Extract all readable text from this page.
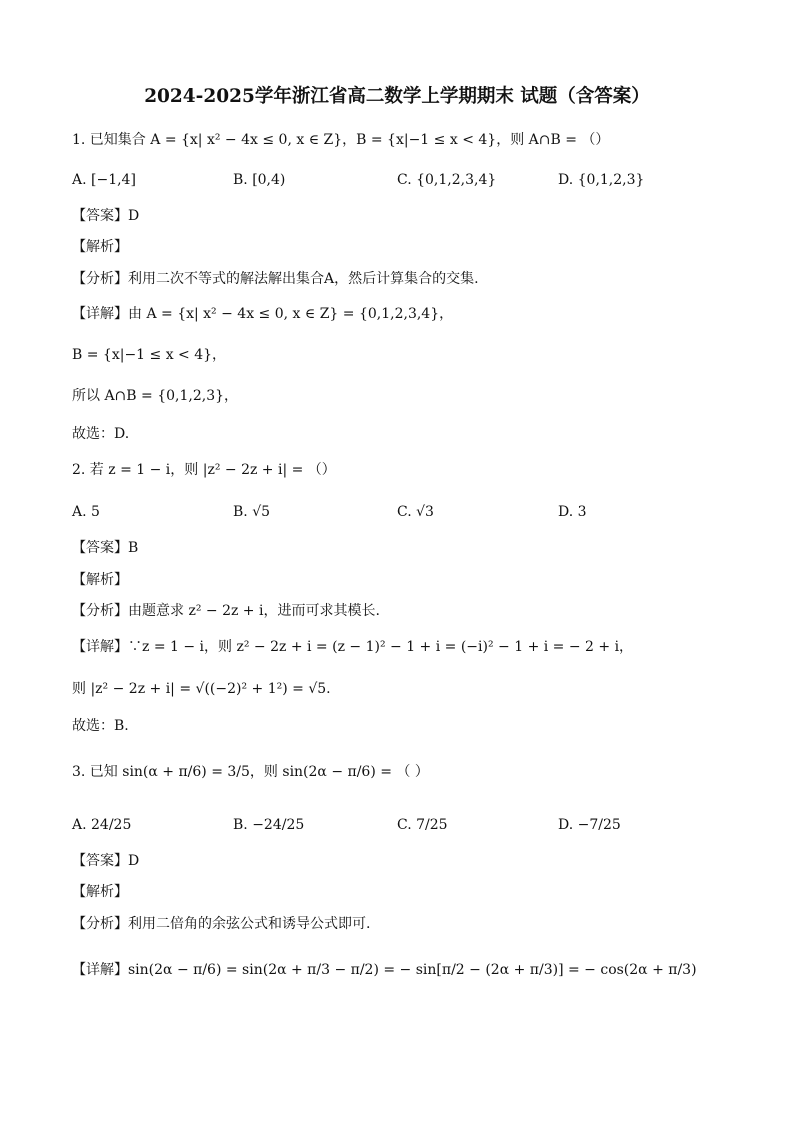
2024-2025学年浙江省高二数学上学期期末 试题（含答案）
1. 已知集合 A = {x| x² − 4x ≤ 0, x ∈ Z}，B = {x|−1 ≤ x < 4}，则 A∩B = （）
A. [−1,4]	B. [0,4)	C. {0,1,2,3,4}	D. {0,1,2,3}
【答案】D
【解析】
【分析】利用二次不等式的解法解出集合A，然后计算集合的交集.
【详解】由 A = {x| x² − 4x ≤ 0, x ∈ Z} = {0,1,2,3,4}，
B = {x|−1 ≤ x < 4}，
所以 A∩B = {0,1,2,3}，
故选：D.
2. 若 z = 1 − i，则 |z² − 2z + i| = （）
A. 5	B. √5	C. √3	D. 3
【答案】B
【解析】
【分析】由题意求 z² − 2z + i，进而可求其模长.
【详解】∵z = 1 − i，则 z² − 2z + i = (z − 1)² − 1 + i = (−i)² − 1 + i = − 2 + i，
则 |z² − 2z + i| = √((−2)² + 1²) = √5.
故选：B.
3. 已知 sin(α + π/6) = 3/5，则 sin(2α − π/6) = （ ）
A. 24/25	B. −24/25	C. 7/25	D. −7/25
【答案】D
【解析】
【分析】利用二倍角的余弦公式和诱导公式即可.
【详解】sin(2α − π/6) = sin(2α + π/3 − π/2) = − sin[π/2 − (2α + π/3)] = − cos(2α + π/3)
